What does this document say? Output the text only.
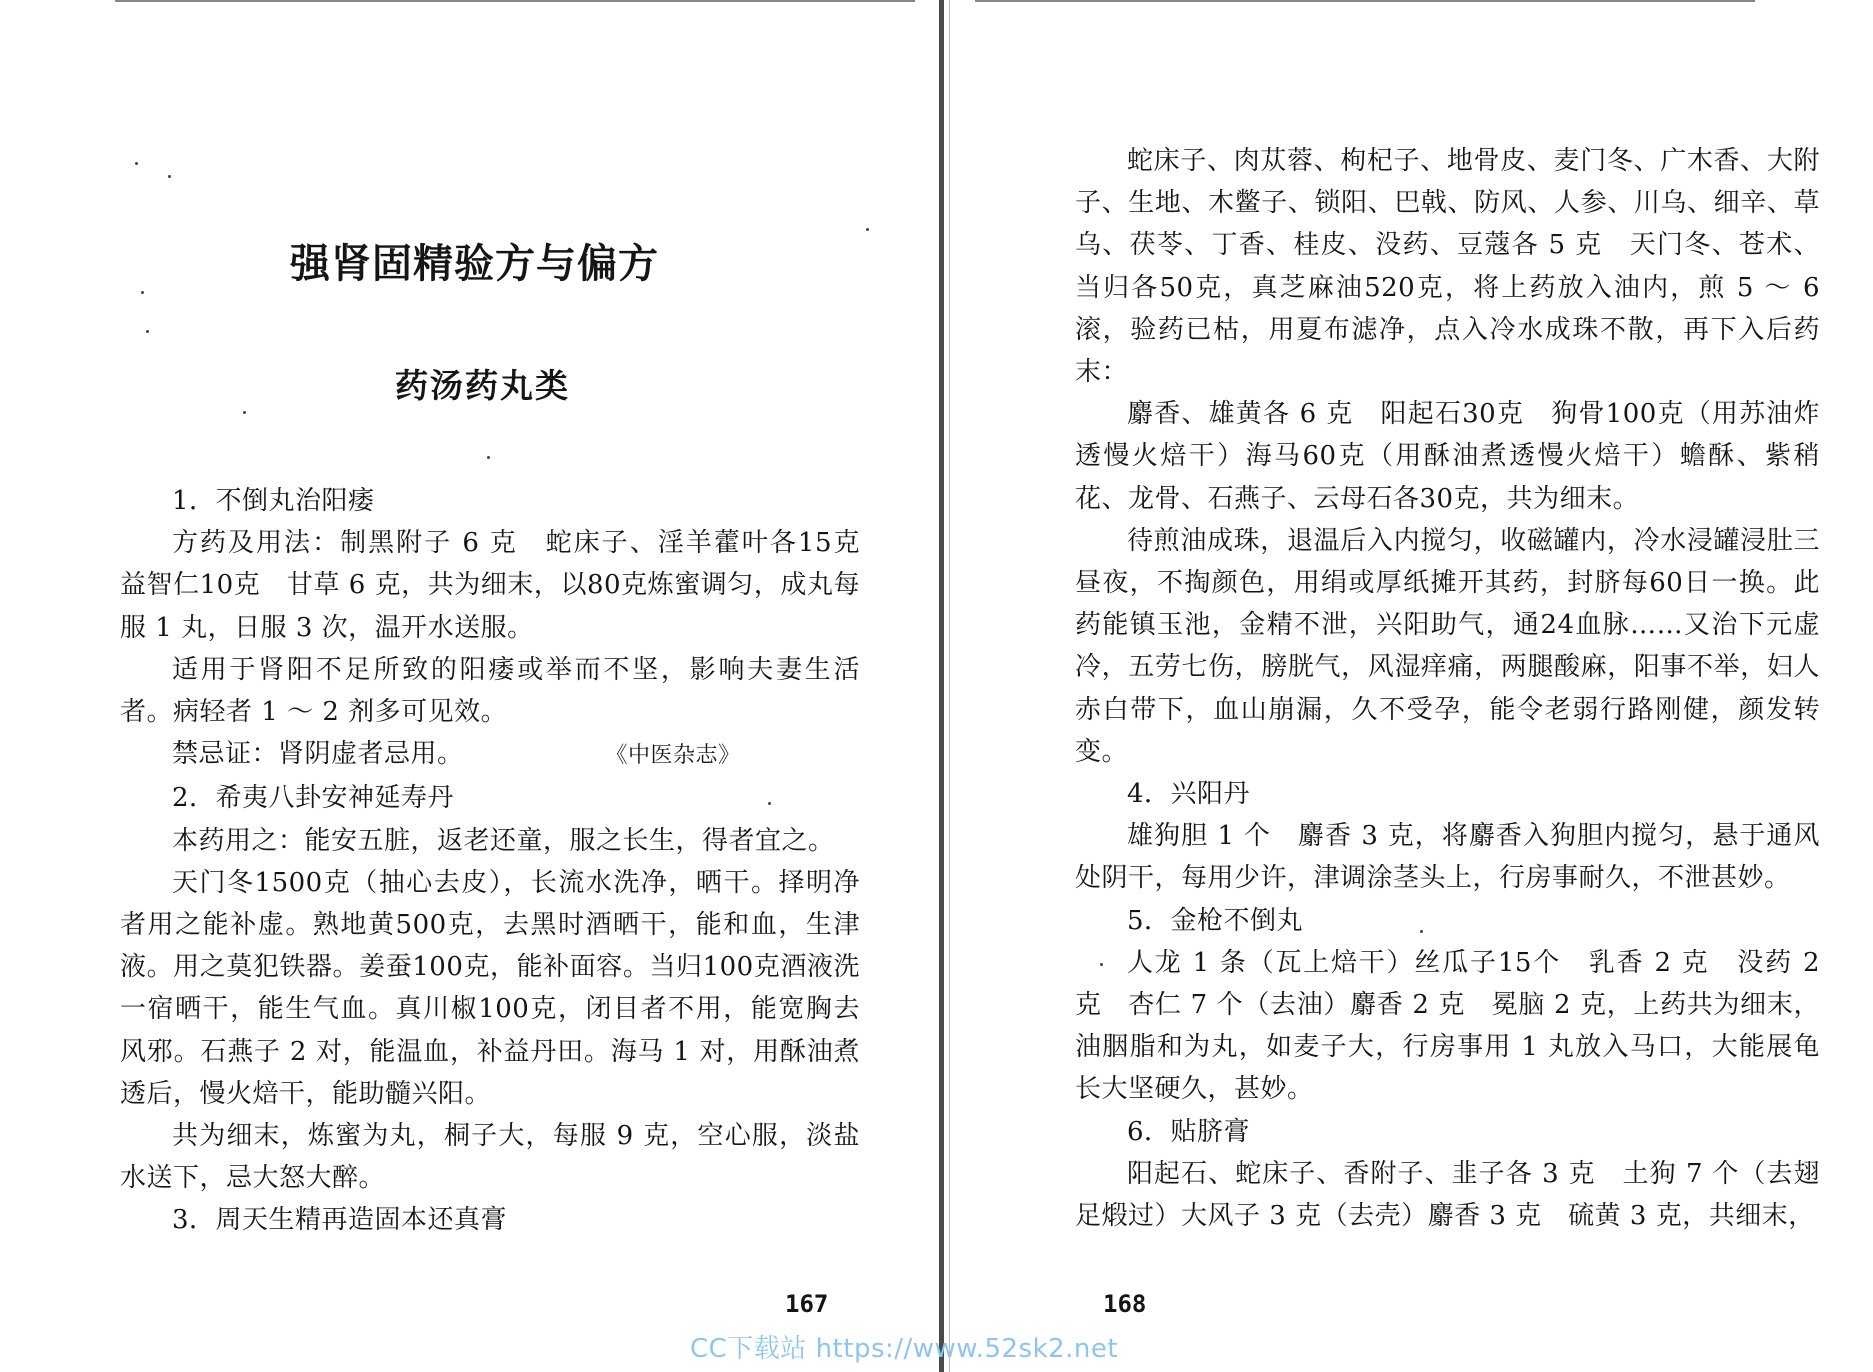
强肾固精验方与偏方
药汤药丸类

1．不倒丸治阳痿

方药及用法：制黑附子 6 克　蛇床子、淫羊藿叶各15克　益智仁10克　甘草 6 克，共为细末，以80克炼蜜调匀，成丸每服 1 丸，日服 3 次，温开水送服。

适用于肾阳不足所致的阳痿或举而不坚，影响夫妻生活者。病轻者 1 ～ 2 剂多可见效。

禁忌证：肾阴虚者忌用。	《中医杂志》

2．希夷八卦安神延寿丹

本药用之：能安五脏，返老还童，服之长生，得者宜之。

天门冬1500克（抽心去皮），长流水洗净，晒干。择明净者用之能补虚。熟地黄500克，去黑时酒晒干，能和血，生津液。用之莫犯铁器。姜蚕100克，能补面容。当归100克酒液洗一宿晒干，能生气血。真川椒100克，闭目者不用，能宽胸去风邪。石燕子 2 对，能温血，补益丹田。海马 1 对，用酥油煮透后，慢火焙干，能助髓兴阳。

共为细末，炼蜜为丸，桐子大，每服 9 克，空心服，淡盐水送下，忌大怒大醉。

3．周天生精再造固本还真膏

167

蛇床子、肉苁蓉、枸杞子、地骨皮、麦门冬、广木香、大附子、生地、木鳖子、锁阳、巴戟、防风、人参、川乌、细辛、草乌、茯苓、丁香、桂皮、没药、豆蔻各 5 克　天门冬、苍术、当归各50克，真芝麻油520克，将上药放入油内，煎 5 ～ 6 滚，验药已枯，用夏布滤净，点入冷水成珠不散，再下入后药末：

麝香、雄黄各 6 克　阳起石30克　狗骨100克（用苏油炸透慢火焙干）海马60克（用酥油煮透慢火焙干）蟾酥、紫稍花、龙骨、石燕子、云母石各30克，共为细末。

待煎油成珠，退温后入内搅匀，收磁罐内，冷水浸罐浸肚三昼夜，不掏颜色，用绢或厚纸摊开其药，封脐每60日一换。此药能镇玉池，金精不泄，兴阳助气，通24血脉……又治下元虚冷，五劳七伤，膀胱气，风湿痒痛，两腿酸麻，阳事不举，妇人赤白带下，血山崩漏，久不受孕，能令老弱行路刚健，颜发转变。

4．兴阳丹

雄狗胆 1 个　麝香 3 克，将麝香入狗胆内搅匀，悬于通风处阴干，每用少许，津调涂茎头上，行房事耐久，不泄甚妙。

5．金枪不倒丸

人龙 1 条（瓦上焙干）丝瓜子15个　乳香 2 克　没药 2 克　杏仁 7 个（去油）麝香 2 克　冕脑 2 克，上药共为细末，油胭脂和为丸，如麦子大，行房事用 1 丸放入马口，大能展龟长大坚硬久，甚妙。

6．贴脐膏

阳起石、蛇床子、香附子、韭子各 3 克　土狗 7 个（去翅足煅过）大风子 3 克（去壳）麝香 3 克　硫黄 3 克，共细末，

168
CC下载站 https://www.52sk2.net
